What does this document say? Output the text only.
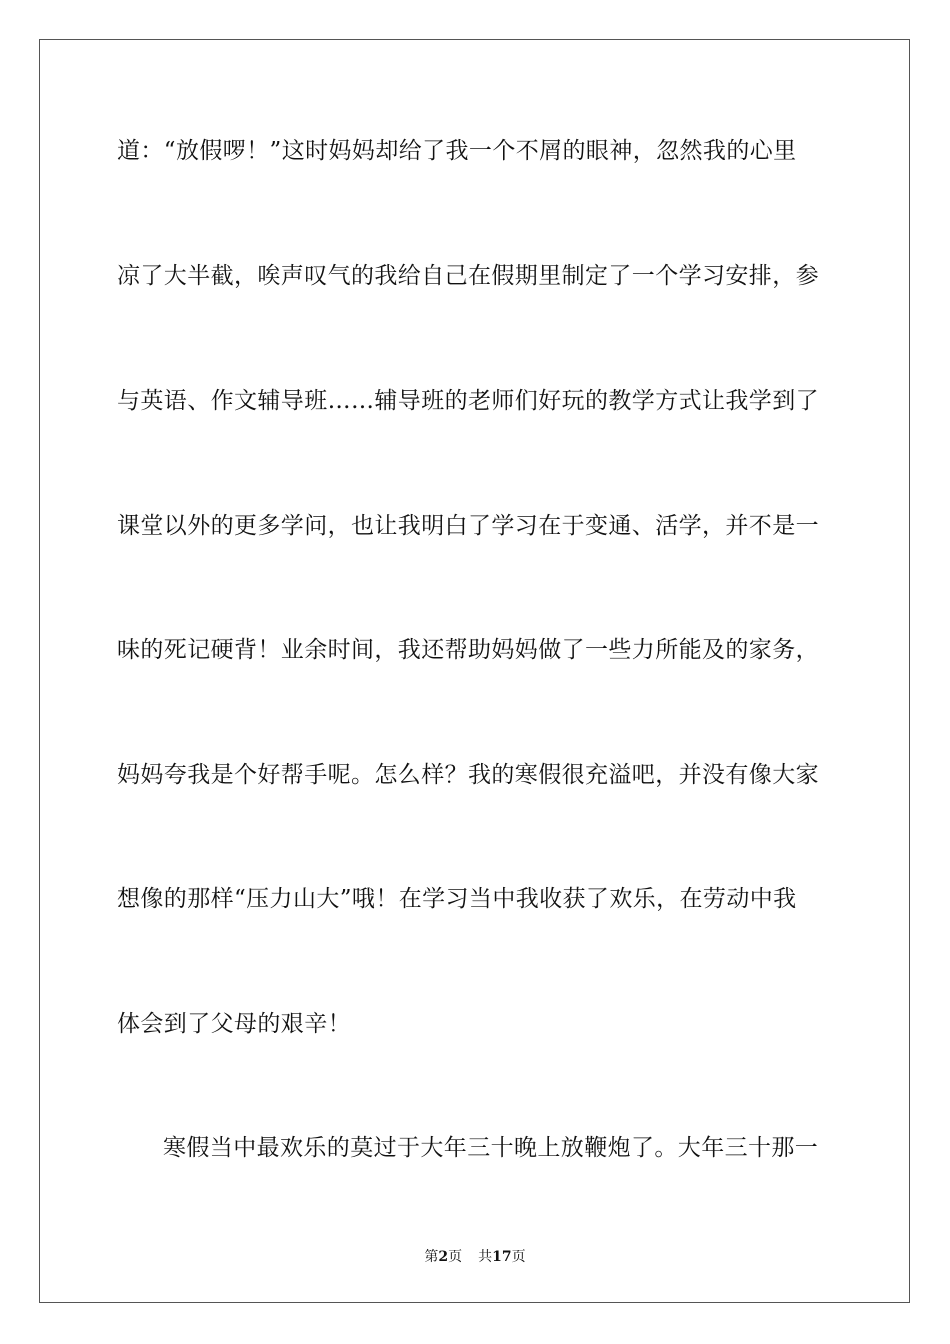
道：“放假啰！”这时妈妈却给了我一个不屑的眼神，忽然我的心里
凉了大半截，唉声叹气的我给自己在假期里制定了一个学习安排，参
与英语、作文辅导班……辅导班的老师们好玩的教学方式让我学到了
课堂以外的更多学问，也让我明白了学习在于变通、活学，并不是一
味的死记硬背！业余时间，我还帮助妈妈做了一些力所能及的家务，
妈妈夸我是个好帮手呢。怎么样？我的寒假很充溢吧，并没有像大家
想像的那样“压力山大”哦！在学习当中我收获了欢乐，在劳动中我
体会到了父母的艰辛！
寒假当中最欢乐的莫过于大年三十晚上放鞭炮了。大年三十那一
第2页 共17页
